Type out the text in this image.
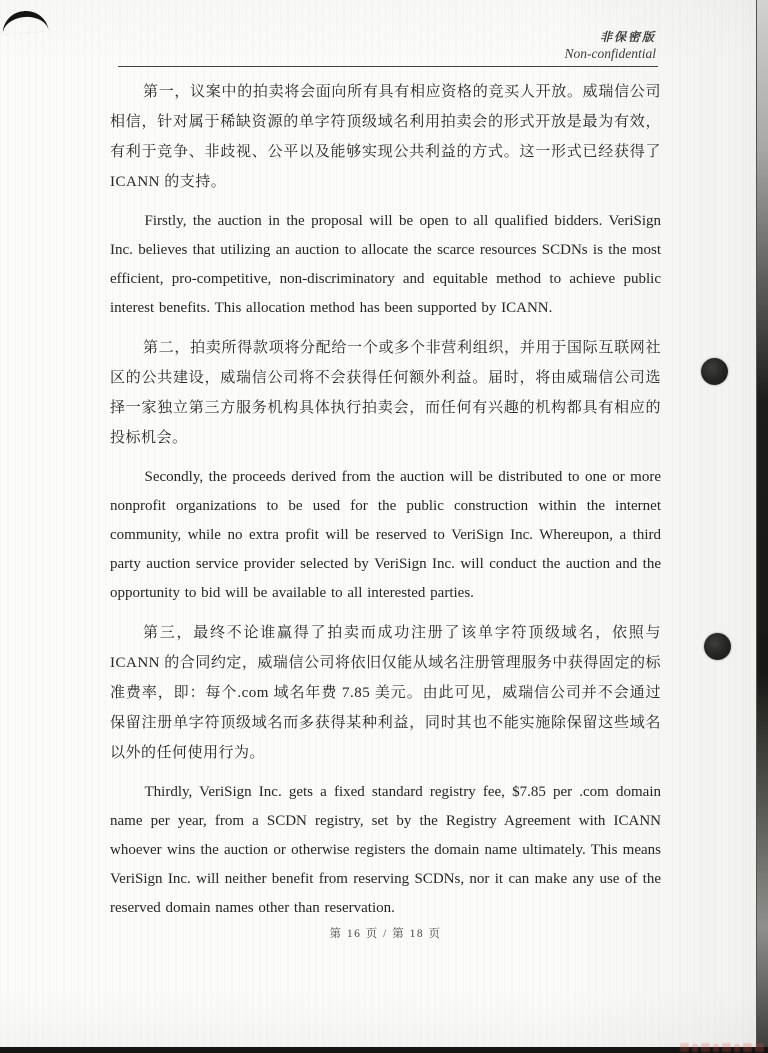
非保密版
Non-confidential

第一，议案中的拍卖将会面向所有具有相应资格的竞买人开放。威瑞信公司相信，针对属于稀缺资源的单字符顶级域名利用拍卖会的形式开放是最为有效，有利于竞争、非歧视、公平以及能够实现公共利益的方式。这一形式已经获得了 ICANN 的支持。

Firstly, the auction in the proposal will be open to all qualified bidders. VeriSign Inc. believes that utilizing an auction to allocate the scarce resources SCDNs is the most efficient, pro-competitive, non-discriminatory and equitable method to achieve public interest benefits. This allocation method has been supported by ICANN.

第二，拍卖所得款项将分配给一个或多个非营利组织，并用于国际互联网社区的公共建设，威瑞信公司将不会获得任何额外利益。届时，将由威瑞信公司选择一家独立第三方服务机构具体执行拍卖会，而任何有兴趣的机构都具有相应的投标机会。

Secondly, the proceeds derived from the auction will be distributed to one or more nonprofit organizations to be used for the public construction within the internet community, while no extra profit will be reserved to VeriSign Inc. Whereupon, a third party auction service provider selected by VeriSign Inc. will conduct the auction and the opportunity to bid will be available to all interested parties.

第三，最终不论谁赢得了拍卖而成功注册了该单字符顶级域名，依照与 ICANN 的合同约定，威瑞信公司将依旧仅能从域名注册管理服务中获得固定的标准费率，即：每个.com 域名年费 7.85 美元。由此可见，威瑞信公司并不会通过保留注册单字符顶级域名而多获得某种利益，同时其也不能实施除保留这些域名以外的任何使用行为。

Thirdly, VeriSign Inc. gets a fixed standard registry fee, $7.85 per .com domain name per year, from a SCDN registry, set by the Registry Agreement with ICANN whoever wins the auction or otherwise registers the domain name ultimately. This means VeriSign Inc. will neither benefit from reserving SCDNs, nor it can make any use of the reserved domain names other than reservation.

第 16 页 / 第 18 页
